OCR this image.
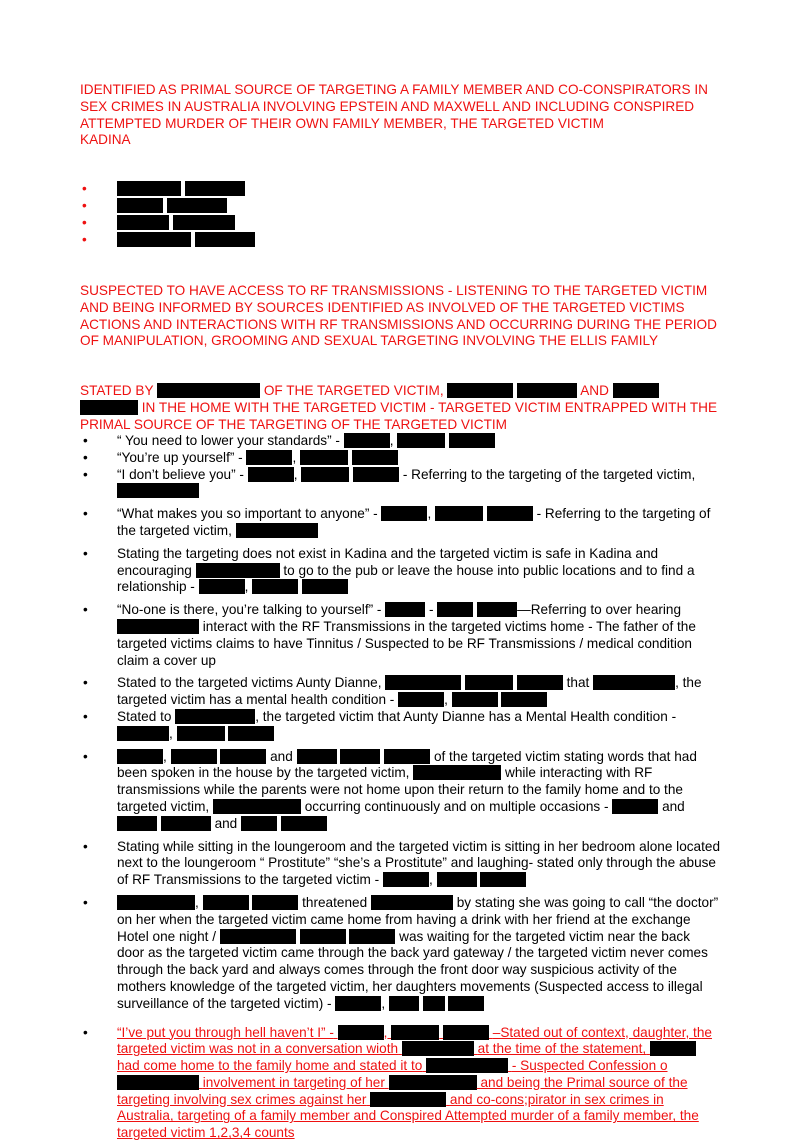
IDENTIFIED AS PRIMAL SOURCE OF TARGETING A FAMILY MEMBER AND CO-CONSPIRATORS IN SEX CRIMES IN AUSTRALIA INVOLVING EPSTEIN AND MAXWELL AND INCLUDING CONSPIRED ATTEMPTED MURDER OF THEIR OWN FAMILY MEMBER, THE TARGETED VICTIM
KADINA
•

•

•

•

SUSPECTED TO HAVE ACCESS TO RF TRANSMISSIONS - LISTENING TO THE TARGETED VICTIM AND BEING INFORMED BY SOURCES IDENTIFIED AS INVOLVED OF THE TARGETED VICTIMS ACTIONS AND INTERACTIONS WITH RF TRANSMISSIONS AND OCCURRING DURING THE PERIOD OF MANIPULATION, GROOMING AND SEXUAL TARGETING INVOLVING THE ELLIS FAMILY
STATED BY	OF THE TARGETED VICTIM,	AND   IN THE HOME WITH THE TARGETED VICTIM - TARGETED VICTIM ENTRAPPED WITH THE PRIMAL SOURCE OF THE TARGETING OF THE TARGETED VICTIM
• “ You need to lower your standards” -	,
• “You’re up yourself” -	,
• “I don’t believe you” -	,	- Referring to the targeting of the targeted victim,
• “What makes you so important to anyone” -	,	- Referring to the targeting of the targeted victim,
• Stating the targeting does not exist in Kadina and the targeted victim is safe in Kadina and encouraging	to go to the pub or leave the house into public locations and to find a relationship -	,
• “No-one is there, you’re talking to yourself” -	-	—Referring to over hearing  interact with the RF Transmissions in the targeted victims home - The father of the targeted victims claims to have Tinnitus / Suspected to be RF Transmissions / medical condition claim a cover up
• Stated to the targeted victims Aunty Dianne,	that	, the targeted victim has a mental health condition -	,
• Stated to	, the targeted victim that Aunty Dianne has a Mental Health condition - ,
•	,	and	of the targeted victim stating words that had been spoken in the house by the targeted victim,	while interacting with RF transmissions while the parents were not home upon their return to the family home and to the targeted victim,	occurring continuously and on multiple occasions -	and   and
• Stating while sitting in the loungeroom and the targeted victim is sitting in her bedroom alone located next to the loungeroom “ Prostitute” “she’s a Prostitute” and laughing- stated only through the abuse of RF Transmissions to the targeted victim -	,
•	,	threatened	by stating she was going to call “the doctor” on her when the targeted victim came home from having a drink with her friend at the exchange Hotel one night /	was waiting for the targeted victim near the back door as the targeted victim came through the back yard gateway / the targeted victim never comes through the back yard and always comes through the front door way suspicious activity of the mothers knowledge of the targeted victim, her daughters movements (Suspected access to illegal surveillance of the targeted victim) -	,
• “I’ve put you through hell haven’t I” -	,	–Stated out of context, daughter, the targeted victim was not in a conversation wioth	at the time of the statement,  had come home to the family home and stated it to	- Suspected Confession o involvement in targeting of her	and being the Primal source of the targeting involving sex crimes against her	and co-cons;pirator in sex crimes in Australia, targeting of a family member and Conspired Attempted murder of a family member, the targeted victim 1,2,3,4 counts
